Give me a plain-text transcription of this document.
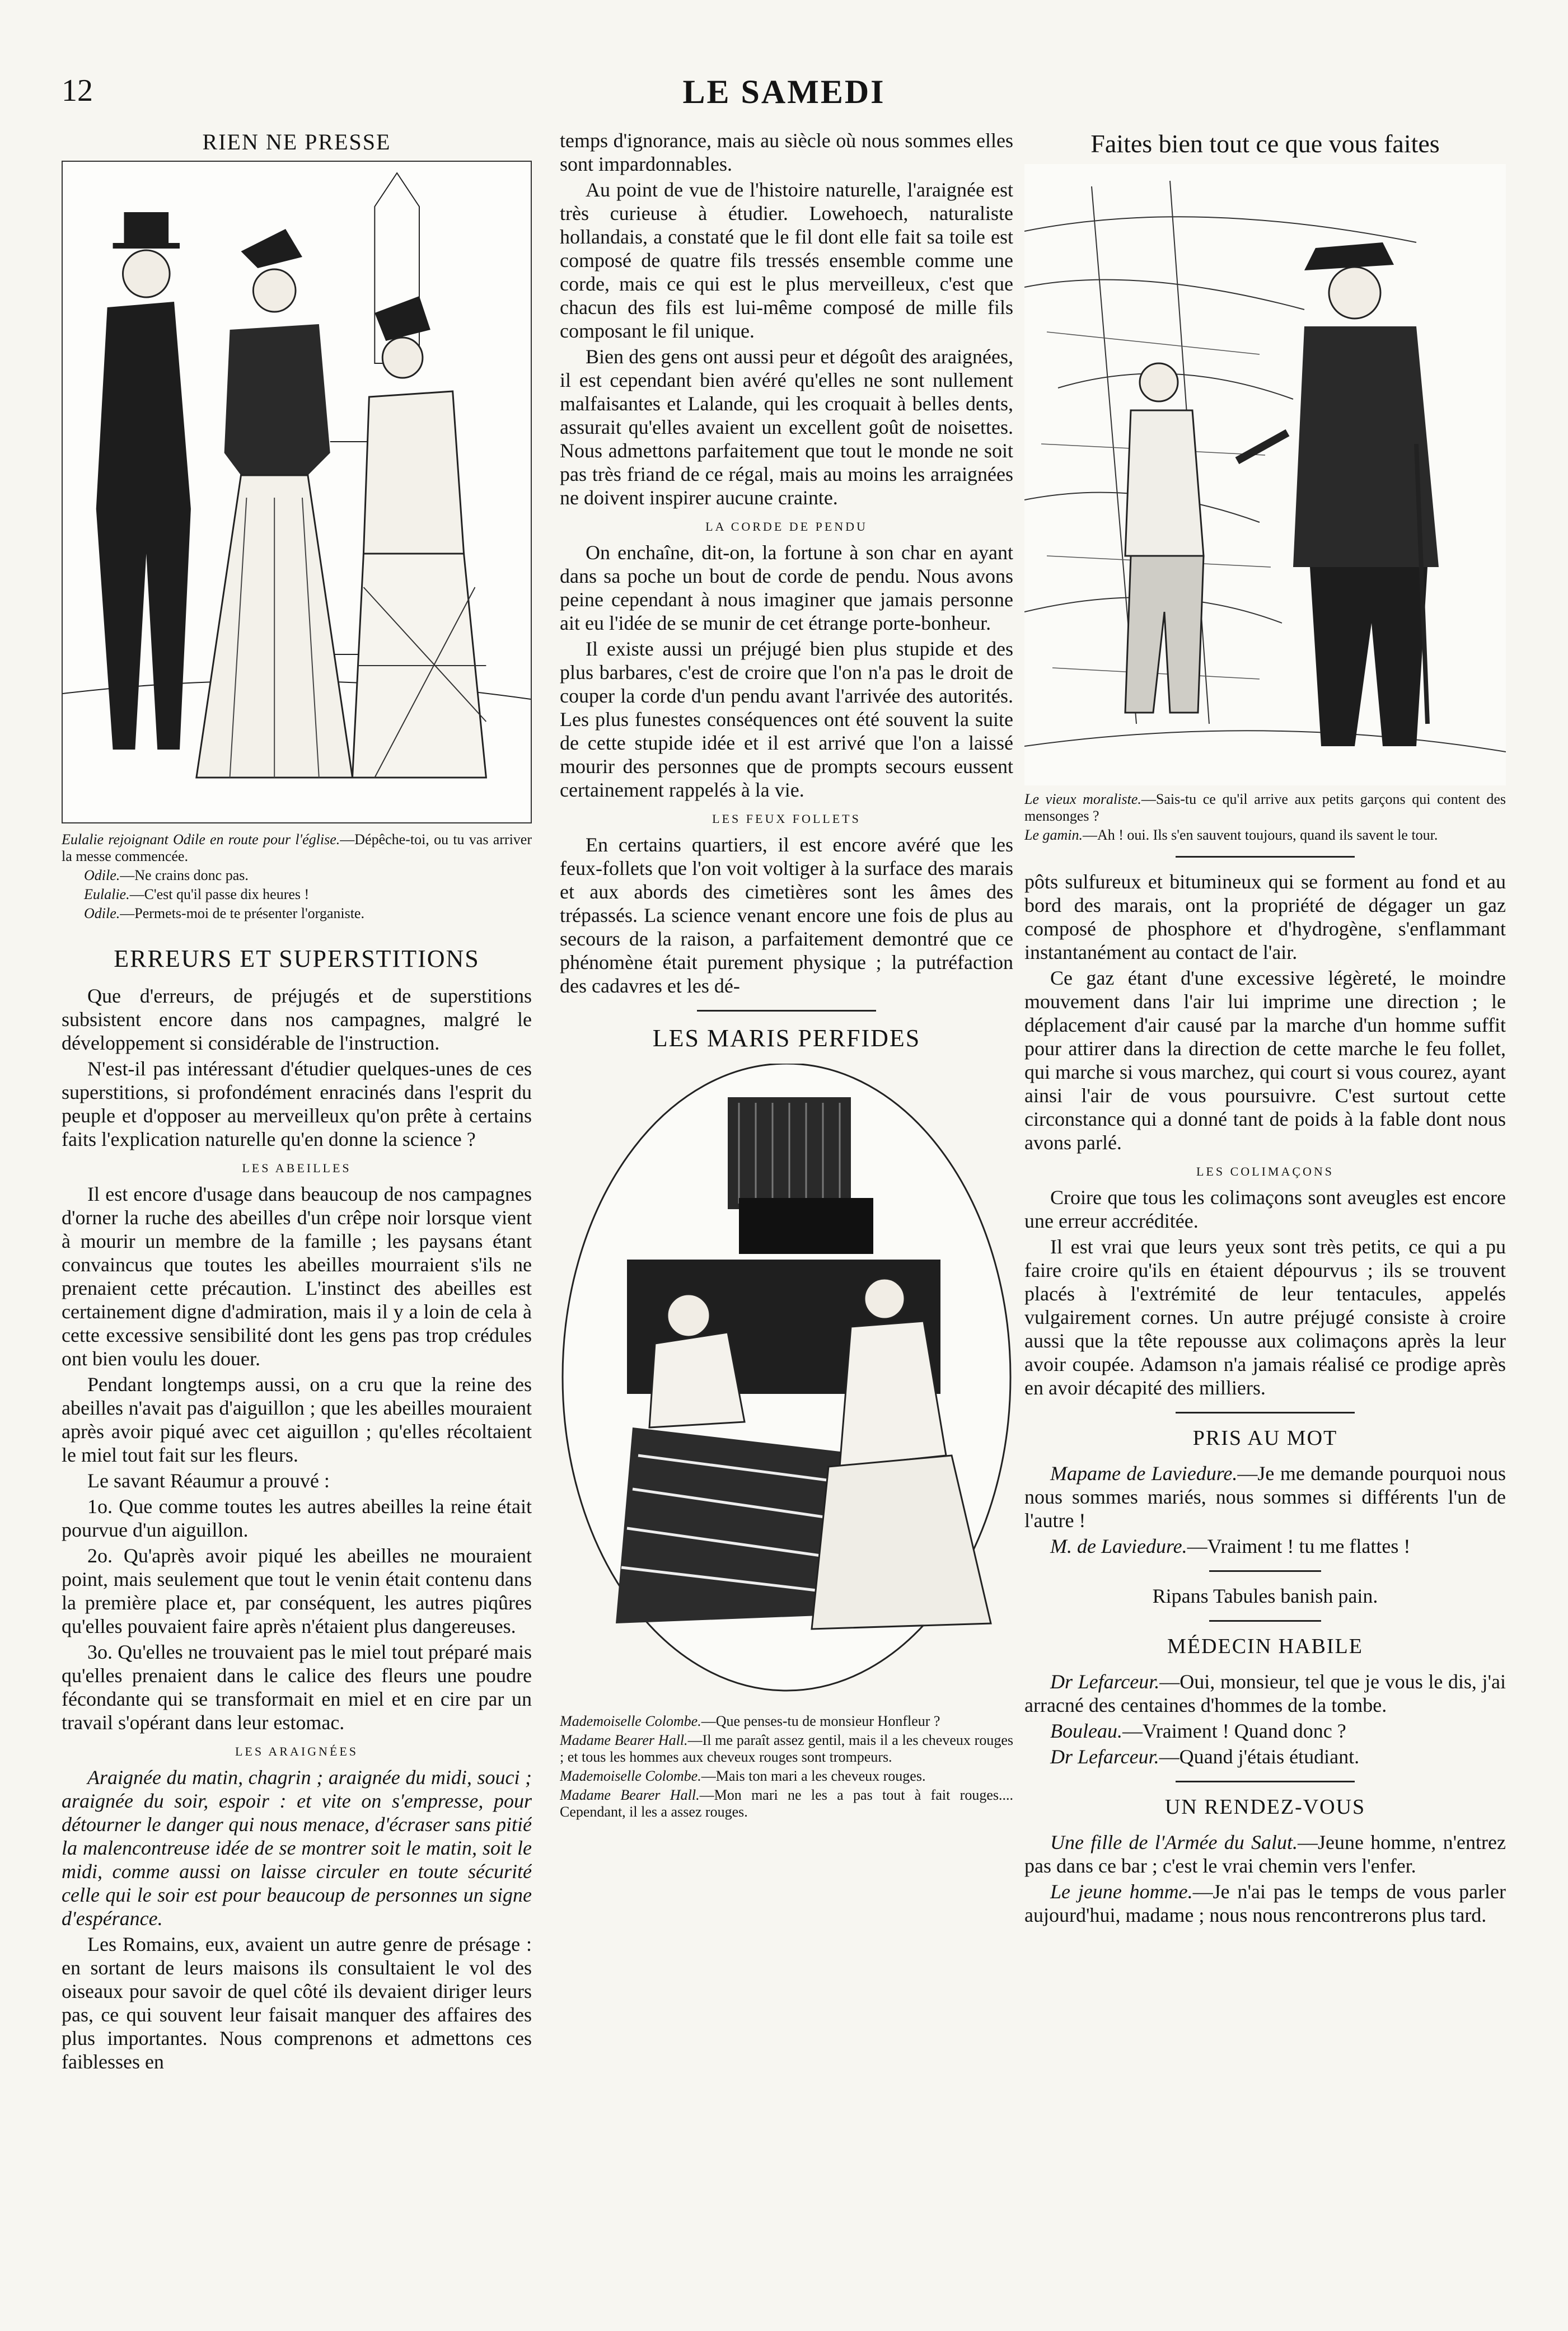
12	LE SAMEDI
RIEN NE PRESSE

Eulalie rejoignant Odile en route pour l'église.—Dépêche-toi, ou tu vas arriver la messe commencée.

Odile.—Ne crains donc pas.

Eulalie.—C'est qu'il passe dix heures !

Odile.—Permets-moi de te présenter l'organiste.

ERREURS ET SUPERSTITIONS

Que d'erreurs, de préjugés et de superstitions subsistent encore dans nos campagnes, malgré le développement si considérable de l'instruction.

N'est-il pas intéressant d'étudier quelques-unes de ces superstitions, si profondément enracinés dans l'esprit du peuple et d'opposer au merveilleux qu'on prête à certains faits l'explication naturelle qu'en donne la science ?

LES ABEILLES

Il est encore d'usage dans beaucoup de nos campagnes d'orner la ruche des abeilles d'un crêpe noir lorsque vient à mourir un membre de la famille ; les paysans étant convaincus que toutes les abeilles mourraient s'ils ne prenaient cette précaution. L'instinct des abeilles est certainement digne d'admiration, mais il y a loin de cela à cette excessive sensibilité dont les gens pas trop crédules ont bien voulu les douer.

Pendant longtemps aussi, on a cru que la reine des abeilles n'avait pas d'aiguillon ; que les abeilles mouraient après avoir piqué avec cet aiguillon ; qu'elles récoltaient le miel tout fait sur les fleurs.

Le savant Réaumur a prouvé :

1o. Que comme toutes les autres abeilles la reine était pourvue d'un aiguillon.

2o. Qu'après avoir piqué les abeilles ne mouraient point, mais seulement que tout le venin était contenu dans la première place et, par conséquent, les autres piqûres qu'elles pouvaient faire après n'étaient plus dangereuses.

3o. Qu'elles ne trouvaient pas le miel tout préparé mais qu'elles prenaient dans le calice des fleurs une poudre fécondante qui se transformait en miel et en cire par un travail s'opérant dans leur estomac.

LES ARAIGNÉES

Araignée du matin, chagrin ; araignée du midi, souci ; araignée du soir, espoir : et vite on s'empresse, pour détourner le danger qui nous menace, d'écraser sans pitié la malencontreuse idée de se montrer soit le matin, soit le midi, comme aussi on laisse circuler en toute sécurité celle qui le soir est pour beaucoup de personnes un signe d'espérance.

Les Romains, eux, avaient un autre genre de présage : en sortant de leurs maisons ils consultaient le vol des oiseaux pour savoir de quel côté ils devaient diriger leurs pas, ce qui souvent leur faisait manquer des affaires des plus importantes. Nous comprenons et admettons ces faiblesses en

temps d'ignorance, mais au siècle où nous sommes elles sont impardonnables.

Au point de vue de l'histoire naturelle, l'araignée est très curieuse à étudier. Lowehoech, naturaliste hollandais, a constaté que le fil dont elle fait sa toile est composé de quatre fils tressés ensemble comme une corde, mais ce qui est le plus merveilleux, c'est que chacun des fils est lui-même composé de mille fils composant le fil unique.

Bien des gens ont aussi peur et dégoût des araignées, il est cependant bien avéré qu'elles ne sont nullement malfaisantes et Lalande, qui les croquait à belles dents, assurait qu'elles avaient un excellent goût de noisettes. Nous admettons parfaitement que tout le monde ne soit pas très friand de ce régal, mais au moins les arraignées ne doivent inspirer aucune crainte.

LA CORDE DE PENDU

On enchaîne, dit-on, la fortune à son char en ayant dans sa poche un bout de corde de pendu. Nous avons peine cependant à nous imaginer que jamais personne ait eu l'idée de se munir de cet étrange porte-bonheur.

Il existe aussi un préjugé bien plus stupide et des plus barbares, c'est de croire que l'on n'a pas le droit de couper la corde d'un pendu avant l'arrivée des autorités. Les plus funestes conséquences ont été souvent la suite de cette stupide idée et il est arrivé que l'on a laissé mourir des personnes que de prompts secours eussent certainement rappelés à la vie.

LES FEUX FOLLETS

En certains quartiers, il est encore avéré que les feux-follets que l'on voit voltiger à la surface des marais et aux abords des cimetières sont les âmes des trépassés. La science venant encore une fois de plus au secours de la raison, a parfaitement demontré que ce phénomène était purement physique ; la putréfaction des cadavres et les dé-

LES MARIS PERFIDES

Mademoiselle Colombe.—Que penses-tu de monsieur Honfleur ?

Madame Bearer Hall.—Il me paraît assez gentil, mais il a les cheveux rouges ; et tous les hommes aux cheveux rouges sont trompeurs.

Mademoiselle Colombe.—Mais ton mari a les cheveux rouges.

Madame Bearer Hall.—Mon mari ne les a pas tout à fait rouges.... Cependant, il les a assez rouges.

Faites bien tout ce que vous faites

Le vieux moraliste.—Sais-tu ce qu'il arrive aux petits garçons qui content des mensonges ?

Le gamin.—Ah ! oui. Ils s'en sauvent toujours, quand ils savent le tour.

pôts sulfureux et bitumineux qui se forment au fond et au bord des marais, ont la propriété de dégager un gaz composé de phosphore et d'hydrogène, s'enflammant instantanément au contact de l'air.

Ce gaz étant d'une excessive légèreté, le moindre mouvement dans l'air lui imprime une direction ; le déplacement d'air causé par la marche d'un homme suffit pour attirer dans la direction de cette marche le feu follet, qui marche si vous marchez, qui court si vous courez, ayant ainsi l'air de vous poursuivre. C'est surtout cette circonstance qui a donné tant de poids à la fable dont nous avons parlé.

LES COLIMAÇONS

Croire que tous les colimaçons sont aveugles est encore une erreur accréditée.

Il est vrai que leurs yeux sont très petits, ce qui a pu faire croire qu'ils en étaient dépourvus ; ils se trouvent placés à l'extrémité de leur tentacules, appelés vulgairement cornes. Un autre préjugé consiste à croire aussi que la tête repousse aux colimaçons après la leur avoir coupée. Adamson n'a jamais réalisé ce prodige après en avoir décapité des milliers.

PRIS AU MOT

Mapame de Laviedure.—Je me demande pourquoi nous nous sommes mariés, nous sommes si différents l'un de l'autre !

M. de Laviedure.—Vraiment ! tu me flattes !

Ripans Tabules banish pain.

MÉDECIN HABILE

Dr Lefarceur.—Oui, monsieur, tel que je vous le dis, j'ai arracné des centaines d'hommes de la tombe.

Bouleau.—Vraiment ! Quand donc ?

Dr Lefarceur.—Quand j'étais étudiant.

UN RENDEZ-VOUS

Une fille de l'Armée du Salut.—Jeune homme, n'entrez pas dans ce bar ; c'est le vrai chemin vers l'enfer.

Le jeune homme.—Je n'ai pas le temps de vous parler aujourd'hui, madame ; nous nous rencontrerons plus tard.
